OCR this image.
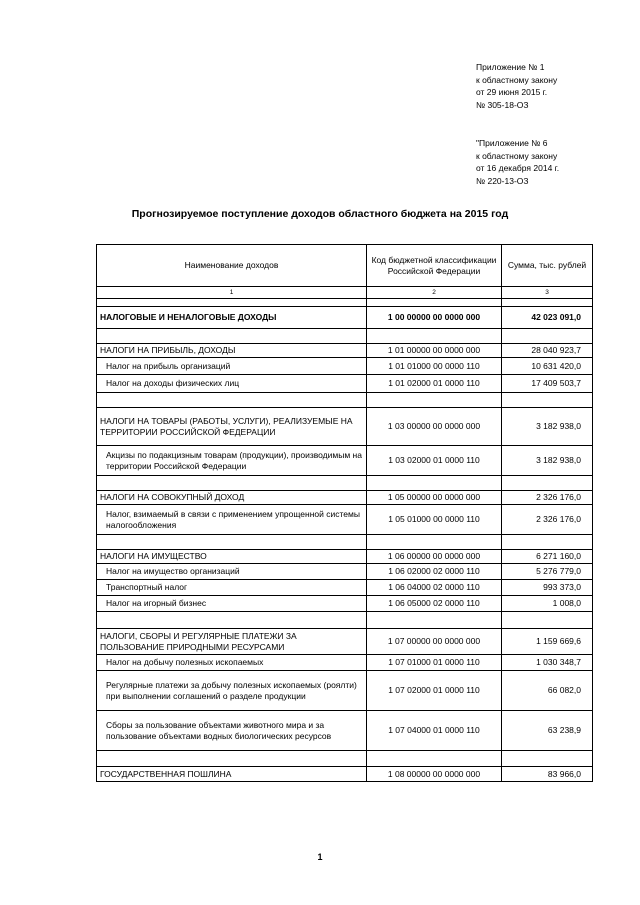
Приложение № 1
к областному закону
от 29 июня 2015 г.
№ 305-18-ОЗ
"Приложение № 6
к областному закону
от 16 декабря 2014 г.
№ 220-13-ОЗ
Прогнозируемое поступление доходов областного бюджета на 2015 год
Наименование доходов	Код бюджетной классификации Российской Федерации	Сумма, тыс. рублей
1	2	3

НАЛОГОВЫЕ И НЕНАЛОГОВЫЕ ДОХОДЫ	1 00 00000 00 0000 000	42 023 091,0

НАЛОГИ НА ПРИБЫЛЬ, ДОХОДЫ	1 01 00000 00 0000 000	28 040 923,7
Налог на прибыль организаций	1 01 01000 00 0000 110	10 631 420,0
Налог на доходы физических лиц	1 01 02000 01 0000 110	17 409 503,7

НАЛОГИ НА ТОВАРЫ (РАБОТЫ, УСЛУГИ), РЕАЛИЗУЕМЫЕ НА ТЕРРИТОРИИ РОССИЙСКОЙ ФЕДЕРАЦИИ	1 03 00000 00 0000 000	3 182 938,0
Акцизы по подакцизным товарам (продукции), производимым на территории Российской Федерации	1 03 02000 01 0000 110	3 182 938,0

НАЛОГИ НА СОВОКУПНЫЙ ДОХОД	1 05 00000 00 0000 000	2 326 176,0
Налог, взимаемый в связи с применением упрощенной системы налогообложения	1 05 01000 00 0000 110	2 326 176,0

НАЛОГИ НА ИМУЩЕСТВО	1 06 00000 00 0000 000	6 271 160,0
Налог на имущество организаций	1 06 02000 02 0000 110	5 276 779,0
Транспортный налог	1 06 04000 02 0000 110	993 373,0
Налог на игорный бизнес	1 06 05000 02 0000 110	1 008,0

НАЛОГИ, СБОРЫ И РЕГУЛЯРНЫЕ ПЛАТЕЖИ ЗА ПОЛЬЗОВАНИЕ ПРИРОДНЫМИ РЕСУРСАМИ	1 07 00000 00 0000 000	1 159 669,6
Налог на добычу полезных ископаемых	1 07 01000 01 0000 110	1 030 348,7
Регулярные платежи за добычу полезных ископаемых (роялти) при выполнении соглашений о разделе продукции	1 07 02000 01 0000 110	66 082,0
Сборы за пользование объектами животного мира и за пользование объектами водных биологических ресурсов	1 07 04000 01 0000 110	63 238,9

ГОСУДАРСТВЕННАЯ ПОШЛИНА	1 08 00000 00 0000 000	83 966,0
1
